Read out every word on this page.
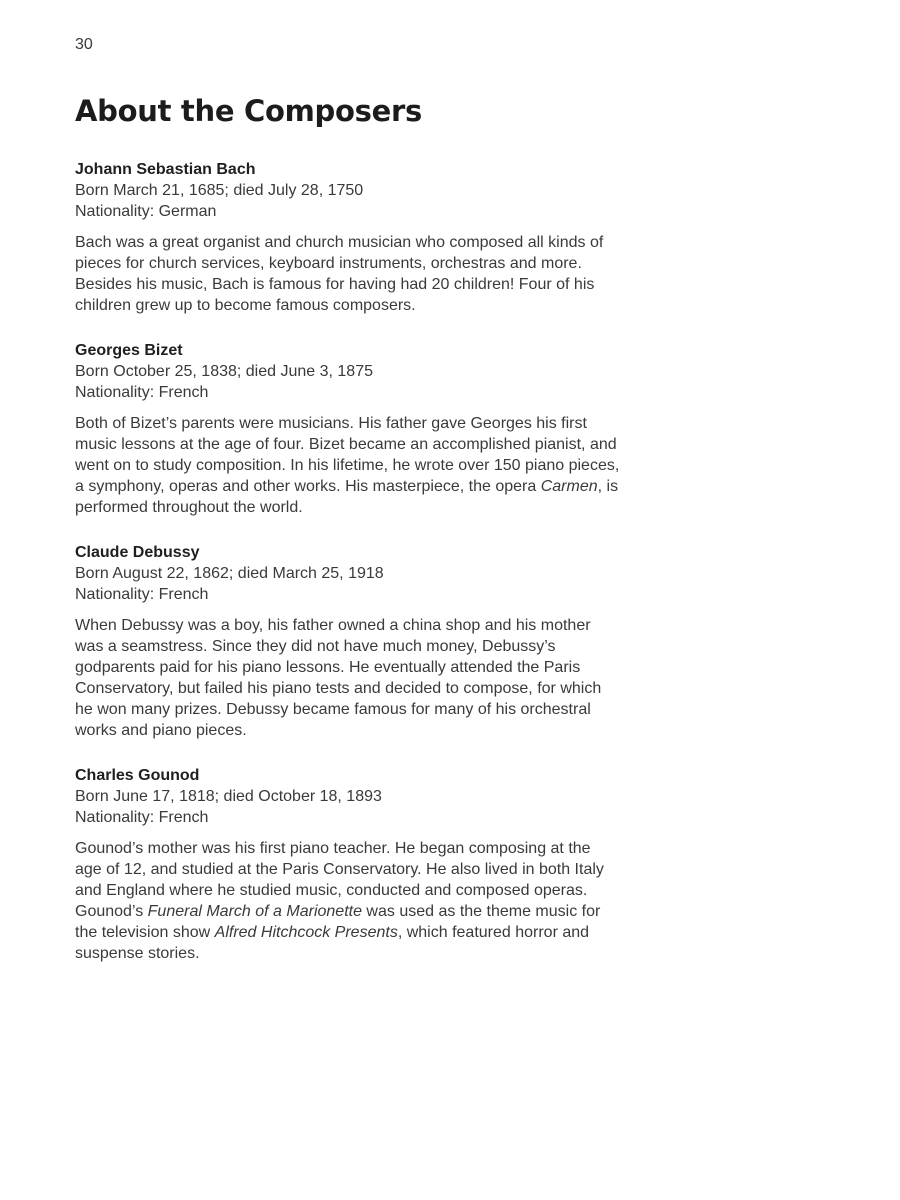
30
About the Composers

Johann Sebastian Bach

Born March 21, 1685; died July 28, 1750

Nationality: German

Bach was a great organist and church musician who composed all kinds of pieces for church services, keyboard instruments, orchestras and more. Besides his music, Bach is famous for having had 20 children! Four of his children grew up to become famous composers.

Georges Bizet

Born October 25, 1838; died June 3, 1875

Nationality: French

Both of Bizet’s parents were musicians. His father gave Georges his first music lessons at the age of four. Bizet became an accomplished pianist, and went on to study composition. In his lifetime, he wrote over 150 piano pieces, a symphony, operas and other works. His masterpiece, the opera Carmen, is performed throughout the world.

Claude Debussy

Born August 22, 1862; died March 25, 1918

Nationality: French

When Debussy was a boy, his father owned a china shop and his mother was a seamstress. Since they did not have much money, Debussy’s godparents paid for his piano lessons. He eventually attended the Paris Conservatory, but failed his piano tests and decided to compose, for which he won many prizes. Debussy became famous for many of his orchestral works and piano pieces.

Charles Gounod

Born June 17, 1818; died October 18, 1893

Nationality: French

Gounod’s mother was his first piano teacher. He began composing at the age of 12, and studied at the Paris Conservatory. He also lived in both Italy and England where he studied music, conducted and composed operas. Gounod’s Funeral March of a Marionette was used as the theme music for the television show Alfred Hitchcock Presents, which featured horror and suspense stories.
